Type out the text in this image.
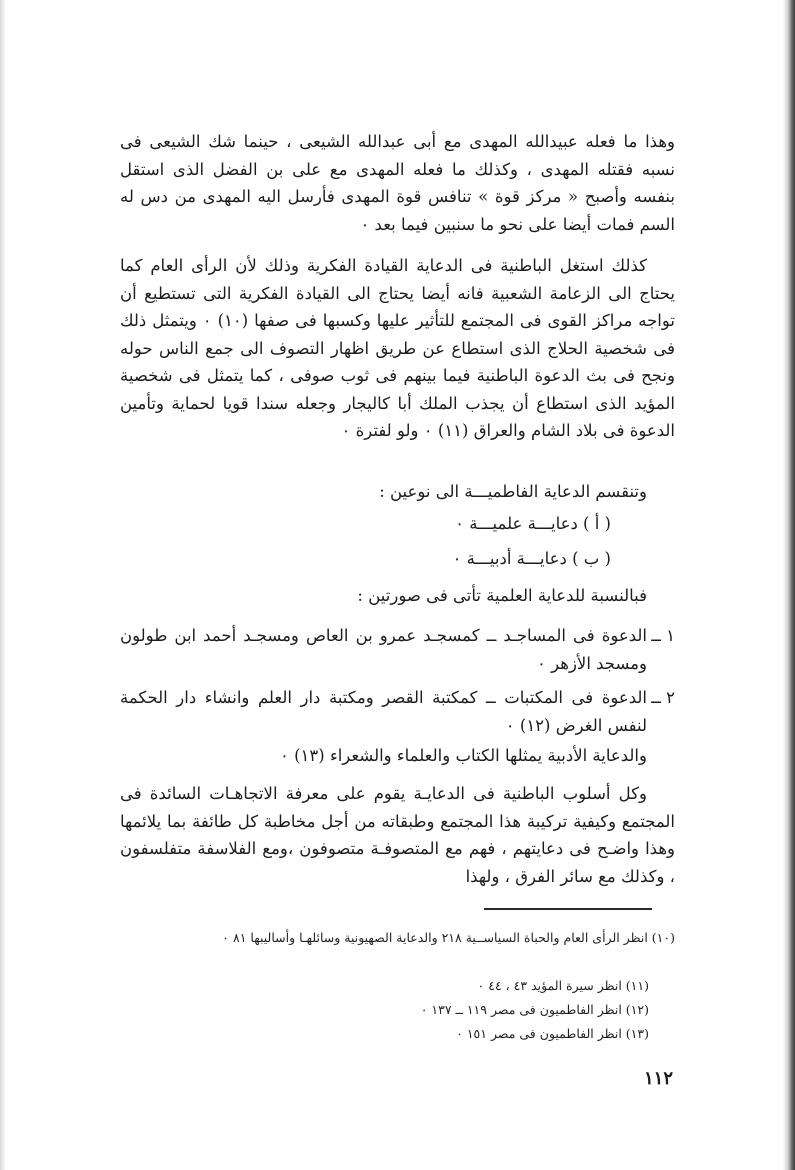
وهذا ما فعله عبيدالله المهدى مع أبى عبدالله الشيعى ، حينما شك الشيعى فى نسبه فقتله المهدى ، وكذلك ما فعله المهدى مع على بن الفضل الذى استقل بنفسه وأصبح « مركز قوة » تنافس قوة المهدى فأرسل اليه المهدى من دس له السم فمات أيضا على نحو ما سنبين فيما بعد ٠

كذلك استغل الباطنية فى الدعاية القيادة الفكرية وذلك لأن الرأى العام كما يحتاج الى الزعامة الشعبية فانه أيضا يحتاج الى القيادة الفكرية التى تستطيع أن تواجه مراكز القوى فى المجتمع للتأثير عليها وكسبها فى صفها (١٠) ٠ ويتمثل ذلك فى شخصية الحلاج الذى استطاع عن طريق اظهار التصوف الى جمع الناس حوله ونجح فى بث الدعوة الباطنية فيما بينهم فى ثوب صوفى ، كما يتمثل فى شخصية المؤيد الذى استطاع أن يجذب الملك أبا كاليجار وجعله سندا قويا لحماية وتأمين الدعوة فى بلاد الشام والعراق (١١) ٠ ولو لفترة ٠

وتنقسم الدعاية الفاطميـــة الى نوعين :
( أ ) دعايـــة علميـــة ٠
( ب ) دعايـــة أدبيـــة ٠
فبالنسبة للدعاية العلمية تأتى فى صورتين :
١ ــ
الدعوة فى المساجـد ــ كمسجـد عمرو بن العاص ومسجـد أحمد ابن طولون ومسجد الأزهر ٠
٢ ــ
الدعوة فى المكتبات ــ كمكتبة القصر ومكتبة دار العلم وانشاء دار الحكمة لنفس الغرض (١٢) ٠
والدعاية الأدبية يمثلها الكتاب والعلماء والشعراء (١٣) ٠

وكل أسلوب الباطنية فى الدعايـة يقوم على معرفة الاتجاهـات السائدة فى المجتمع وكيفية تركيبة هذا المجتمع وطبقاته من أجل مخاطبة كل طائفة بما يلائمها وهذا واضـح فى دعايتهم ، فهم مع المتصوفـة متصوفون ،ومع الفلاسفة متفلسفون ، وكذلك مع سائر الفرق ، ولهذا

(١٠) انظر الرأى العام والحباة السياســية ٢١٨ والدعاية الصهيونية وسائلهـا وأساليبها ٨١ ٠
(١١) انظر سيرة المؤيد ٤٣ ، ٤٤ ٠
(١٢) انظر الفاطميون فى مصر ١١٩ ــ ١٣٧ ٠
(١٣) انظر الفاطميون فى مصر ١٥١ ٠
١١٢
